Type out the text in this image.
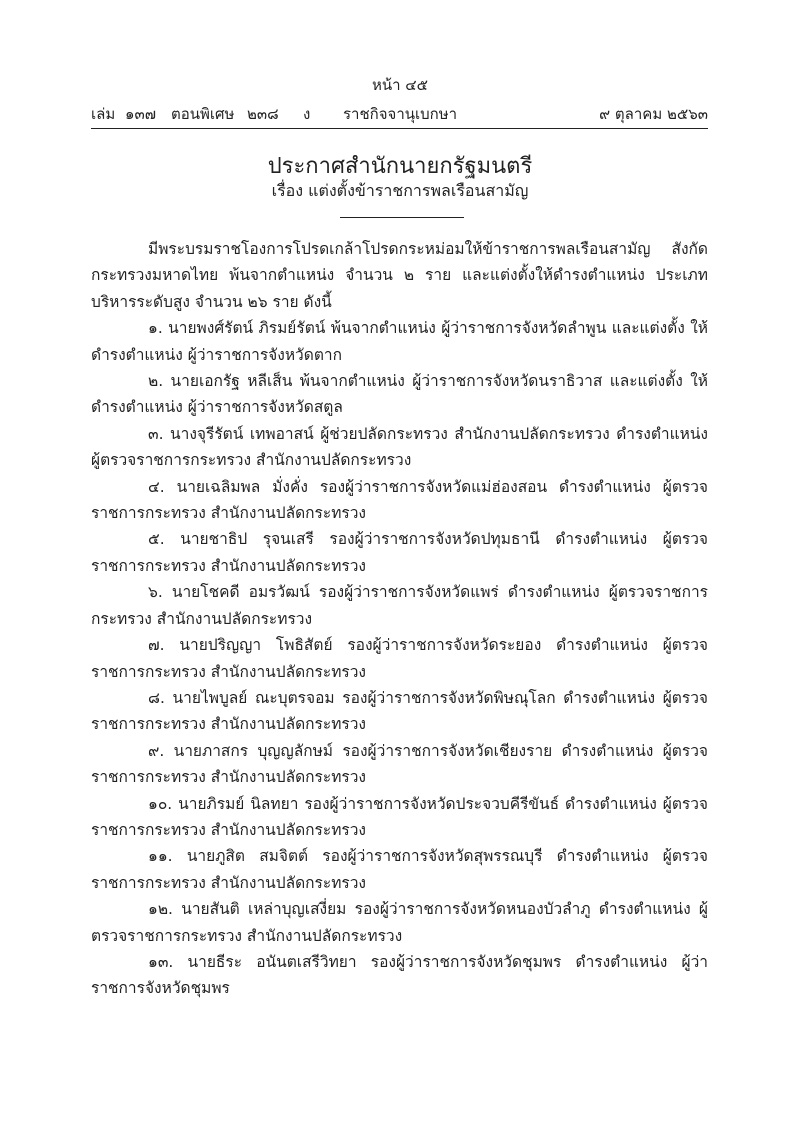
หน้า ๔๕
เล่ม ๑๓๗ ตอนพิเศษ ๒๓๘ ง ราชกิจจานุเบกษา	๙ ตุลาคม ๒๕๖๓
ประกาศสำนักนายกรัฐมนตรี
เรื่อง แต่งตั้งข้าราชการพลเรือนสามัญ

มีพระบรมราชโองการโปรดเกล้าโปรดกระหม่อมให้ข้าราชการพลเรือนสามัญ สังกัดกระทรวงมหาดไทย พ้นจากตำแหน่ง จำนวน ๒ ราย และแต่งตั้งให้ดำรงตำแหน่ง ประเภทบริหารระดับสูง จำนวน ๒๖ ราย ดังนี้

๑. นายพงศ์รัตน์ ภิรมย์รัตน์ พ้นจากตำแหน่ง ผู้ว่าราชการจังหวัดลำพูน และแต่งตั้ง ให้ดำรงตำแหน่ง ผู้ว่าราชการจังหวัดตาก

๒. นายเอกรัฐ หลีเส็น พ้นจากตำแหน่ง ผู้ว่าราชการจังหวัดนราธิวาส และแต่งตั้ง ให้ดำรงตำแหน่ง ผู้ว่าราชการจังหวัดสตูล

๓. นางจุรีรัตน์ เทพอาสน์ ผู้ช่วยปลัดกระทรวง สำนักงานปลัดกระทรวง ดำรงตำแหน่ง ผู้ตรวจราชการกระทรวง สำนักงานปลัดกระทรวง

๔. นายเฉลิมพล มั่งคั่ง รองผู้ว่าราชการจังหวัดแม่ฮ่องสอน ดำรงตำแหน่ง ผู้ตรวจราชการกระทรวง สำนักงานปลัดกระทรวง

๕. นายชาธิป รุจนเสรี รองผู้ว่าราชการจังหวัดปทุมธานี ดำรงตำแหน่ง ผู้ตรวจราชการกระทรวง สำนักงานปลัดกระทรวง

๖. นายโชคดี อมรวัฒน์ รองผู้ว่าราชการจังหวัดแพร่ ดำรงตำแหน่ง ผู้ตรวจราชการกระทรวง สำนักงานปลัดกระทรวง

๗. นายปริญญา โพธิสัตย์ รองผู้ว่าราชการจังหวัดระยอง ดำรงตำแหน่ง ผู้ตรวจราชการกระทรวง สำนักงานปลัดกระทรวง

๘. นายไพบูลย์ ณะบุตรจอม รองผู้ว่าราชการจังหวัดพิษณุโลก ดำรงตำแหน่ง ผู้ตรวจราชการกระทรวง สำนักงานปลัดกระทรวง

๙. นายภาสกร บุญญลักษม์ รองผู้ว่าราชการจังหวัดเชียงราย ดำรงตำแหน่ง ผู้ตรวจราชการกระทรวง สำนักงานปลัดกระทรวง

๑๐. นายภิรมย์ นิลทยา รองผู้ว่าราชการจังหวัดประจวบคีรีขันธ์ ดำรงตำแหน่ง ผู้ตรวจราชการกระทรวง สำนักงานปลัดกระทรวง

๑๑. นายภูสิต สมจิตต์ รองผู้ว่าราชการจังหวัดสุพรรณบุรี ดำรงตำแหน่ง ผู้ตรวจราชการกระทรวง สำนักงานปลัดกระทรวง

๑๒. นายสันติ เหล่าบุญเสงี่ยม รองผู้ว่าราชการจังหวัดหนองบัวลำภู ดำรงตำแหน่ง ผู้ตรวจราชการกระทรวง สำนักงานปลัดกระทรวง

๑๓. นายธีระ อนันตเสรีวิทยา รองผู้ว่าราชการจังหวัดชุมพร ดำรงตำแหน่ง ผู้ว่าราชการจังหวัดชุมพร
